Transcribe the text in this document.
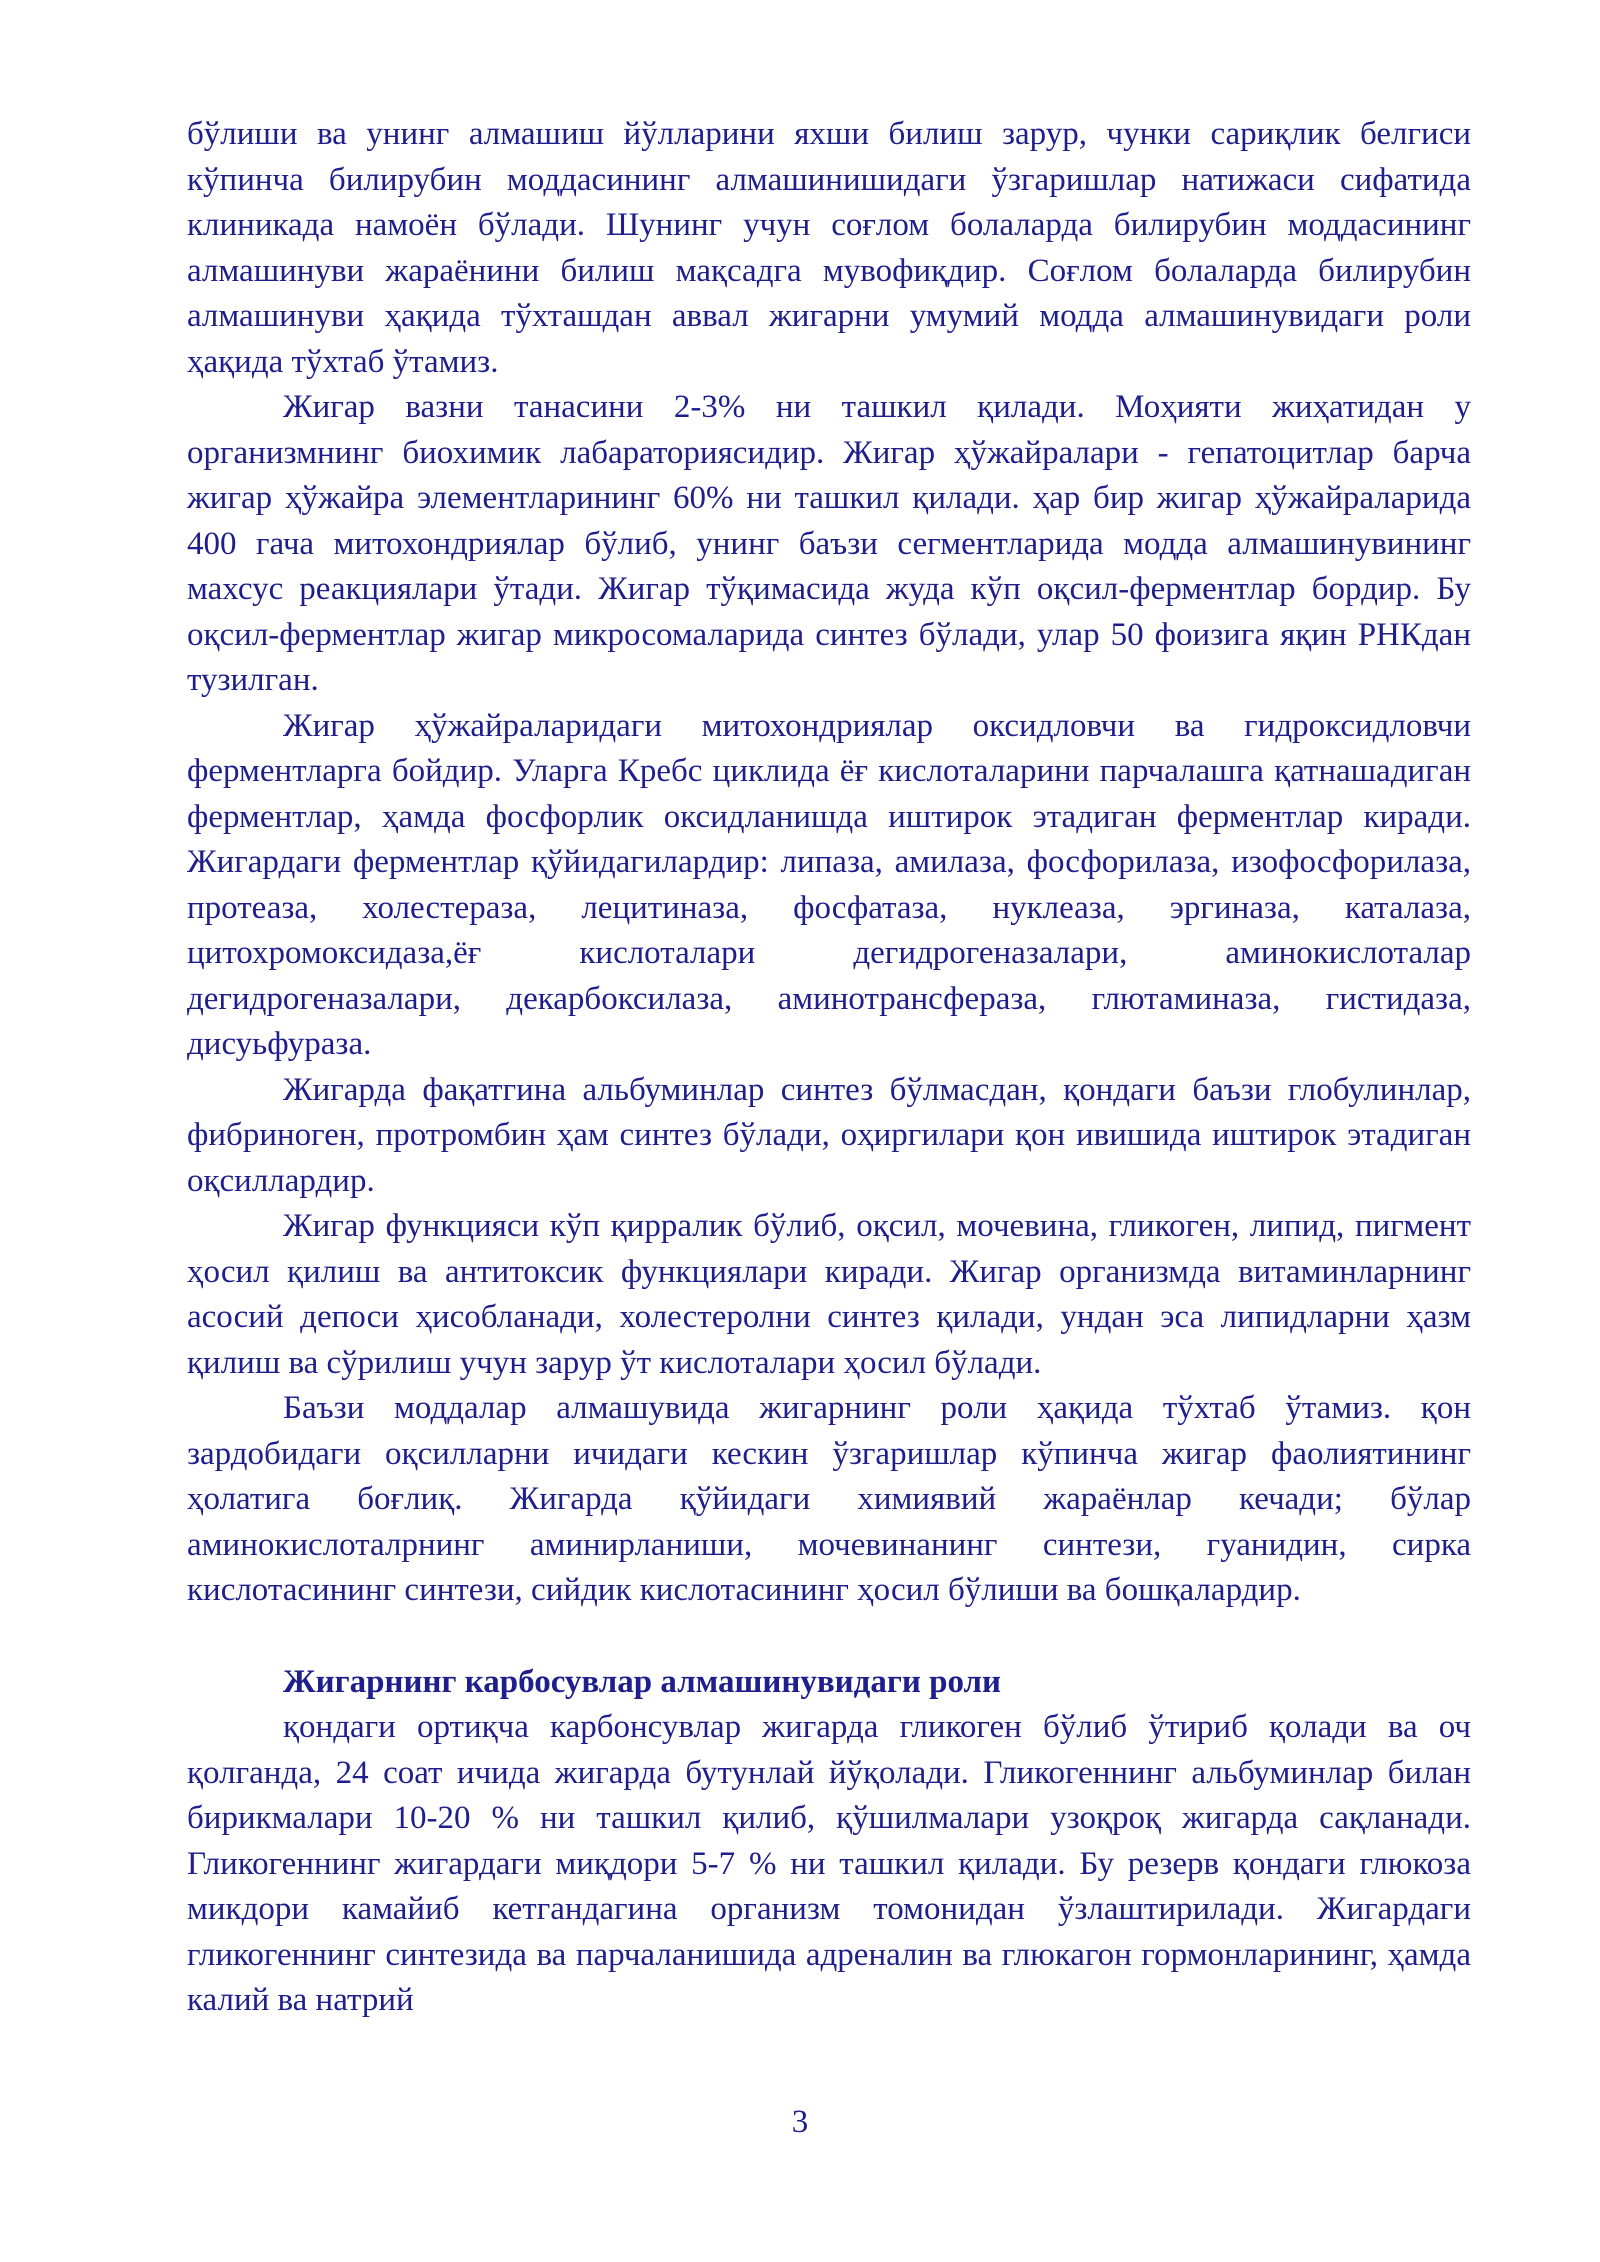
бўлиши ва унинг алмашиш йўлларини яхши билиш зарур, чунки сариқлик белгиси кўпинча билирубин моддасининг алмашинишидаги ўзгаришлар натижаси сифатида клиникада намоён бўлади. Шунинг учун соғлом болаларда билирубин моддасининг алмашинуви жараёнини билиш мақсадга мувофиқдир. Соғлом болаларда билирубин алмашинуви ҳақида тўхташдан аввал жигарни умумий модда алмашинувидаги роли ҳақида тўхтаб ўтамиз.

Жигар вазни танасини 2-3% ни ташкил қилади. Моҳияти жиҳатидан у организмнинг биохимик лабараториясидир. Жигар ҳўжайралари - гепатоцитлар барча жигар ҳўжайра элементларининг 60% ни ташкил қилади. ҳар бир жигар ҳўжайраларида 400 гача митохондриялар бўлиб, унинг баъзи сегментларида модда алмашинувининг махсус реакциялари ўтади. Жигар тўқимасида жуда кўп оқсил-ферментлар бордир. Бу оқсил-ферментлар жигар микросомаларида синтез бўлади, улар 50 фоизига яқин РНКдан тузилган.

Жигар ҳўжайраларидаги митохондриялар оксидловчи ва гидроксидловчи ферментларга бойдир. Уларга Кребс циклида ёғ кислоталарини парчалашга қатнашадиган ферментлар, ҳамда фосфорлик оксидланишда иштирок этадиган ферментлар киради. Жигардаги ферментлар қўйидагилардир: липаза, амилаза, фосфорилаза, изофосфорилаза, протеаза, холестераза, лецитиназа, фосфатаза, нуклеаза, эргиназа, каталаза, цитохромоксидаза,ёғ кислоталари дегидрогеназалари, аминокислоталар дегидрогеназалари, декарбоксилаза, аминотрансфераза, глютаминаза, гистидаза, дисуьфураза.

Жигарда фақатгина альбуминлар синтез бўлмасдан, қондаги баъзи глобулинлар, фибриноген, протромбин ҳам синтез бўлади, оҳиргилари қон ивишида иштирок этадиган оқсиллардир.

Жигар функцияси кўп қирралик бўлиб, оқсил, мочевина, гликоген, липид, пигмент ҳосил қилиш ва антитоксик функциялари киради. Жигар организмда витаминларнинг асосий депоси ҳисобланади, холестеролни синтез қилади, ундан эса липидларни ҳазм қилиш ва сўрилиш учун зарур ўт кислоталари ҳосил бўлади.

Баъзи моддалар алмашувида жигарнинг роли ҳақида тўхтаб ўтамиз. қон зардобидаги оқсилларни ичидаги кескин ўзгаришлар кўпинча жигар фаолиятининг ҳолатига боғлиқ. Жигарда қўйидаги химиявий жараёнлар кечади; бўлар аминокислоталрнинг аминирланиши, мочевинанинг синтези, гуанидин, сирка кислотасининг синтези, сийдик кислотасининг ҳосил бўлиши ва бошқалардир.

Жигарнинг карбосувлар алмашинувидаги роли

қондаги ортиқча карбонсувлар жигарда гликоген бўлиб ўтириб қолади ва оч қолганда, 24 соат ичида жигарда бутунлай йўқолади. Гликогеннинг альбуминлар билан бирикмалари 10-20 % ни ташкил қилиб, қўшилмалари узоқроқ жигарда сақланади. Гликогеннинг жигардаги миқдори 5-7 % ни ташкил қилади. Бу резерв қондаги глюкоза микдори камайиб кетгандагина организм томонидан ўзлаштирилади. Жигардаги гликогеннинг синтезида ва парчаланишида адреналин ва глюкагон гормонларининг, ҳамда калий ва натрий

3
